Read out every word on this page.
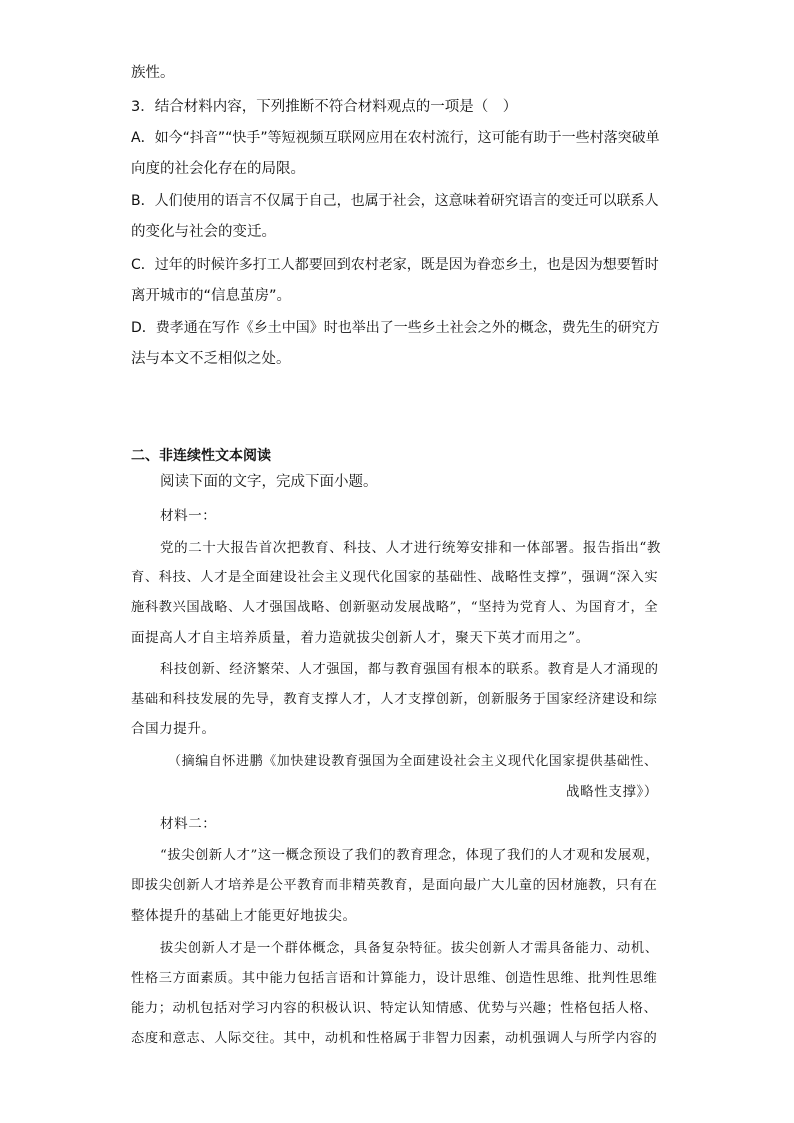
族性。
3．结合材料内容，下列推断不符合材料观点的一项是（　）
A．如今“抖音”“快手”等短视频互联网应用在农村流行，这可能有助于一些村落突破单
向度的社会化存在的局限。
B．人们使用的语言不仅属于自己，也属于社会，这意味着研究语言的变迁可以联系人
的变化与社会的变迁。
C．过年的时候许多打工人都要回到农村老家，既是因为眷恋乡土，也是因为想要暂时
离开城市的“信息茧房”。
D．费孝通在写作《乡土中国》时也举出了一些乡土社会之外的概念，费先生的研究方
法与本文不乏相似之处。
二、非连续性文本阅读
阅读下面的文字，完成下面小题。
材料一：
党的二十大报告首次把教育、科技、人才进行统筹安排和一体部署。报告指出“教
育、科技、人才是全面建设社会主义现代化国家的基础性、战略性支撑”，强调“深入实
施科教兴国战略、人才强国战略、创新驱动发展战略”，“坚持为党育人、为国育才，全
面提高人才自主培养质量，着力造就拔尖创新人才，聚天下英才而用之”。
科技创新、经济繁荣、人才强国，都与教育强国有根本的联系。教育是人才涌现的
基础和科技发展的先导，教育支撑人才，人才支撑创新，创新服务于国家经济建设和综
合国力提升。
（摘编自怀进鹏《加快建设教育强国为全面建设社会主义现代化国家提供基础性、
战略性支撑》）
材料二：
“拔尖创新人才”这一概念预设了我们的教育理念，体现了我们的人才观和发展观，
即拔尖创新人才培养是公平教育而非精英教育，是面向最广大儿童的因材施教，只有在
整体提升的基础上才能更好地拔尖。
拔尖创新人才是一个群体概念，具备复杂特征。拔尖创新人才需具备能力、动机、
性格三方面素质。其中能力包括言语和计算能力，设计思维、创造性思维、批判性思维
能力；动机包括对学习内容的积极认识、特定认知情感、优势与兴趣；性格包括人格、
态度和意志、人际交往。其中，动机和性格属于非智力因素，动机强调人与所学内容的
